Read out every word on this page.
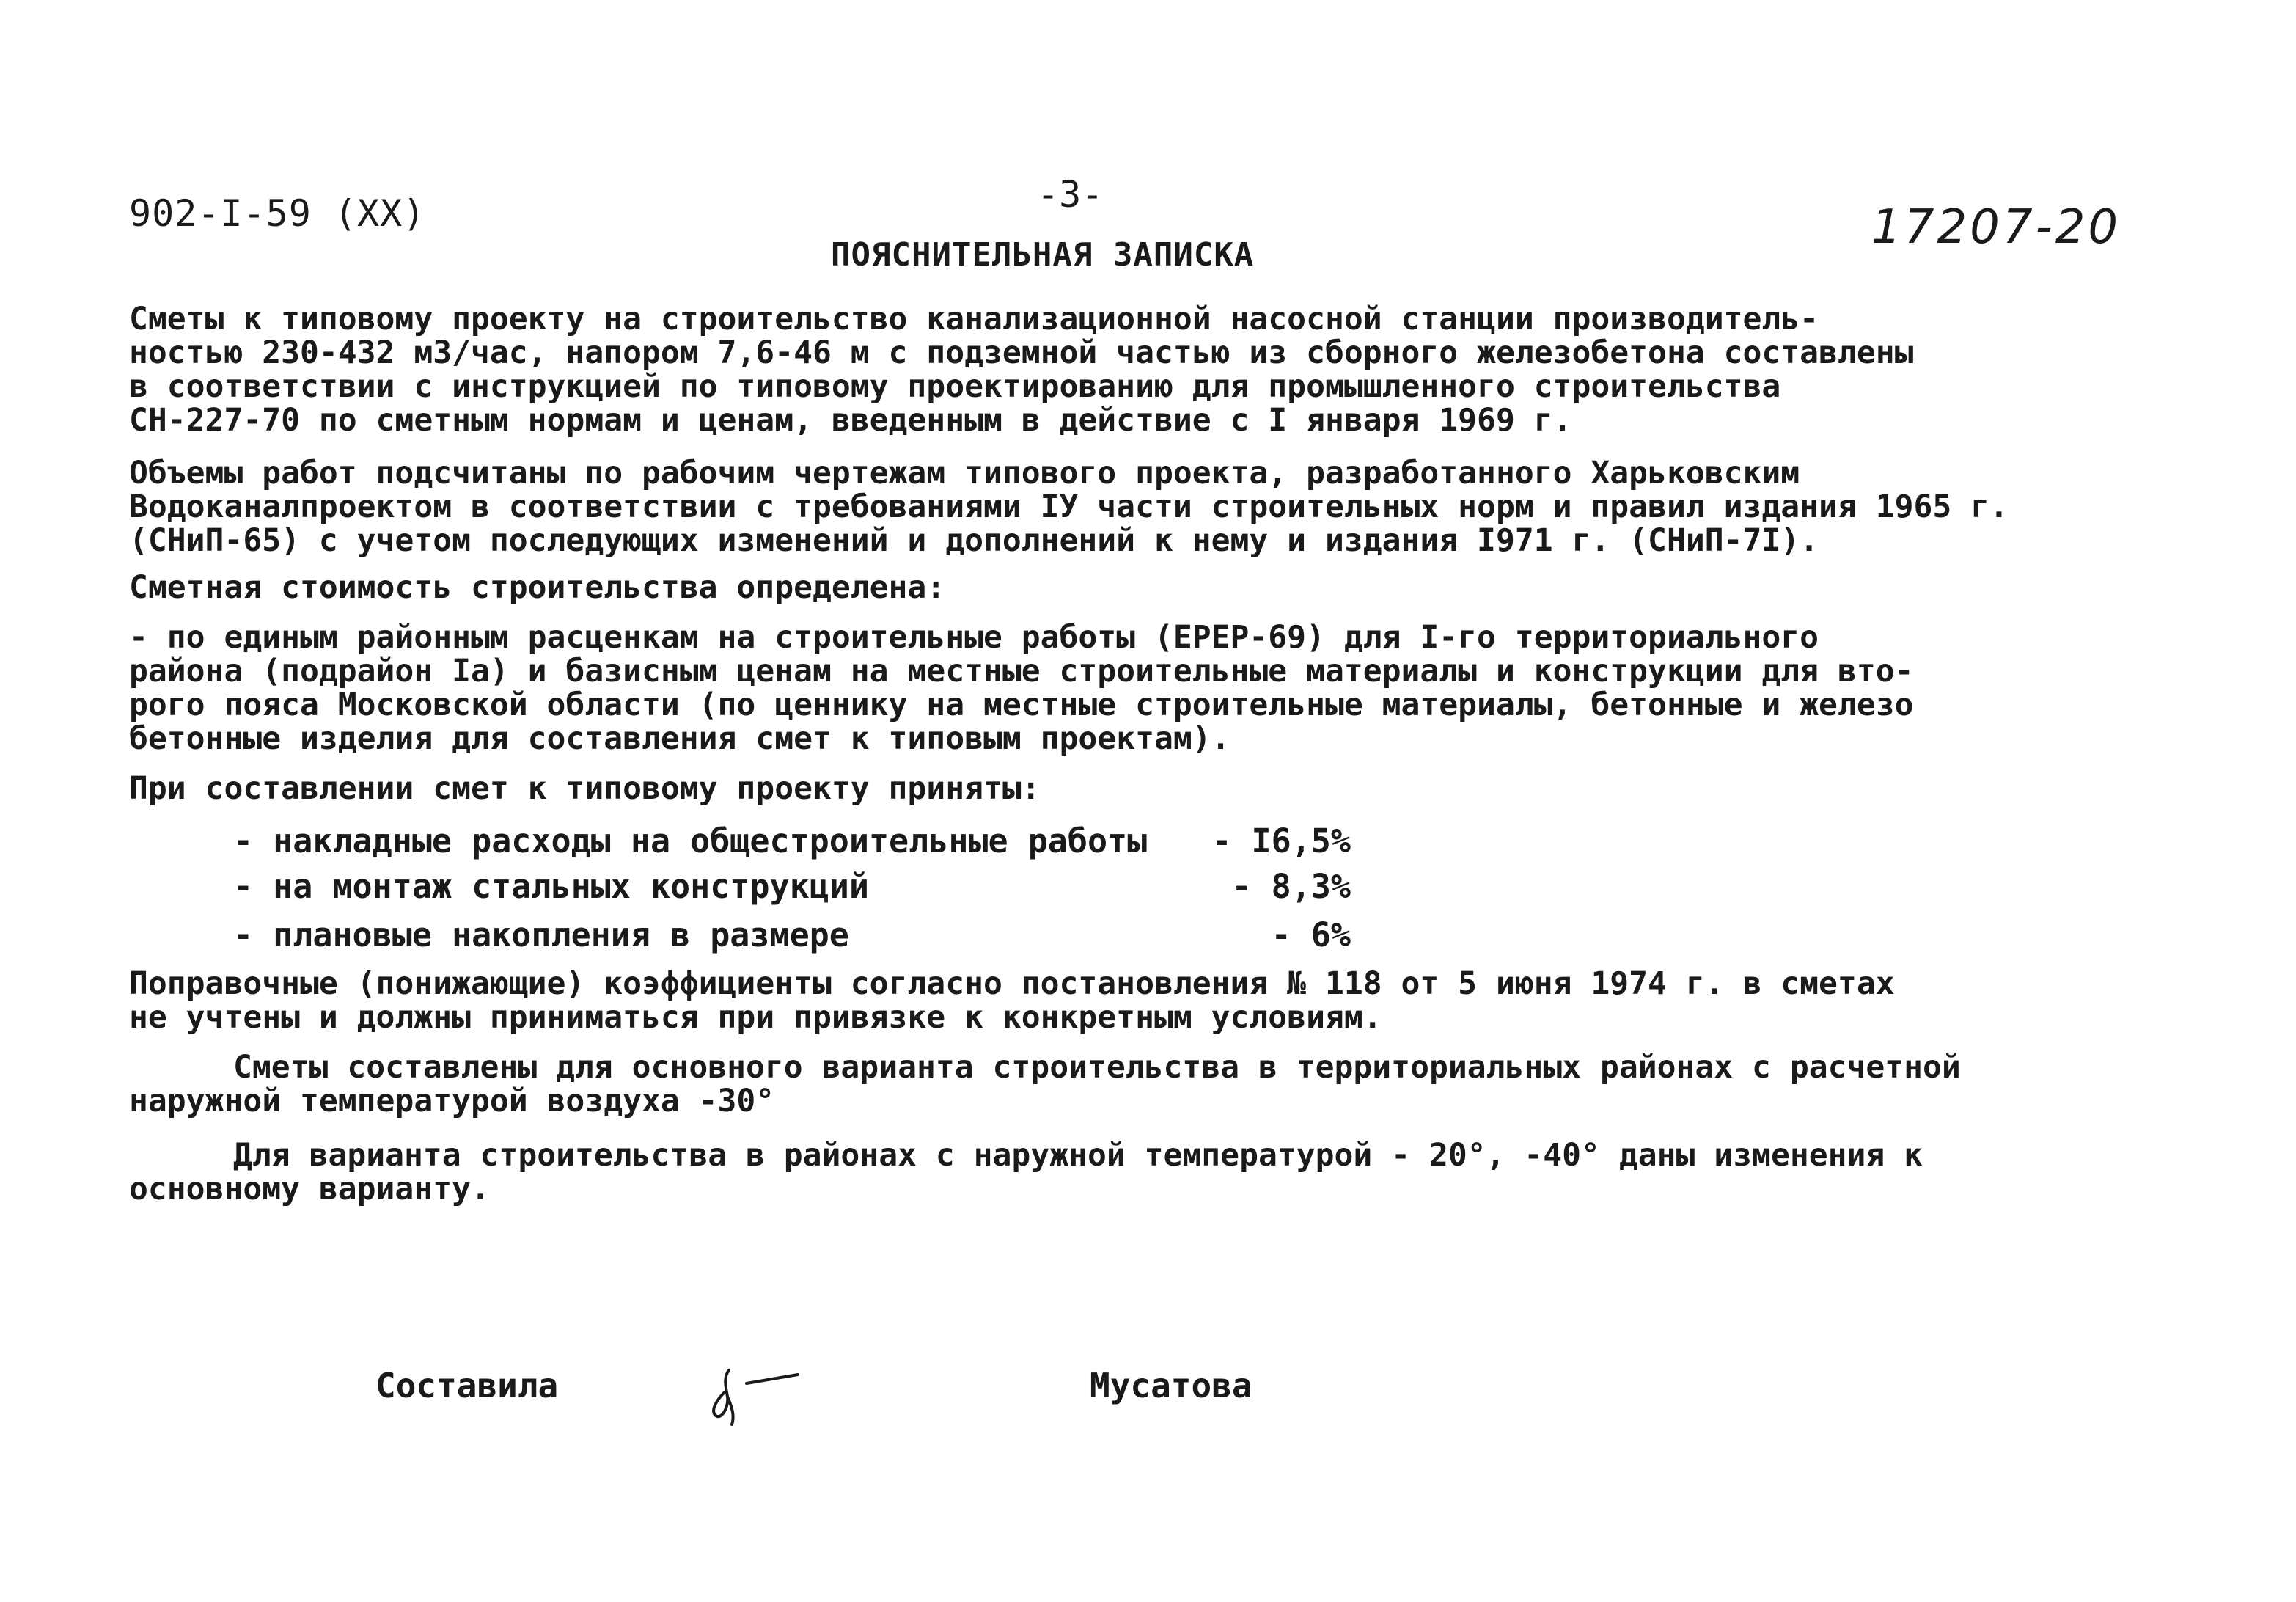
902-I-59 (XX)	-3-
ПОЯСНИТЕЛЬНАЯ ЗАПИСКА
17207-20
Сметы к типовому проекту на строительство канализационной насосной станции производитель-
ностью 230-432 м3/час, напором 7,6-46 м с подземной частью из сборного железобетона составлены
в соответствии с инструкцией по типовому проектированию для промышленного строительства
СН-227-70 по сметным нормам и ценам, введенным в действие с I января 1969 г.
Объемы работ подсчитаны по рабочим чертежам типового проекта, разработанного Харьковским
Водоканалпроектом в соответствии с требованиями IУ части строительных норм и правил издания 1965 г.
(СНиП-65) с учетом последующих изменений и дополнений к нему и издания I971 г. (СНиП-7I).
Сметная стоимость строительства определена:
- по единым районным расценкам на строительные работы (ЕРЕР-69) для I-го территориального
района (подрайон Iа) и базисным ценам на местные строительные материалы и конструкции для вто-
рого пояса Московской области (по ценнику на местные строительные материалы, бетонные и железо
бетонные изделия для составления смет к типовым проектам).
При составлении смет к типовому проекту приняты:
- накладные расходы на общестроительные работы	- I6,5%
- на монтаж стальных конструкций	- 8,3%
- плановые накопления в размере	- 6%
Поправочные (понижающие) коэффициенты согласно постановления № 118 от 5 июня 1974 г. в сметах
не учтены и должны приниматься при привязке к конкретным условиям.
Сметы составлены для основного варианта строительства в территориальных районах с расчетной
наружной температурой воздуха -30°
Для варианта строительства в районах с наружной температурой - 20°, -40° даны изменения к
основному варианту.
Составила	Мусатова
